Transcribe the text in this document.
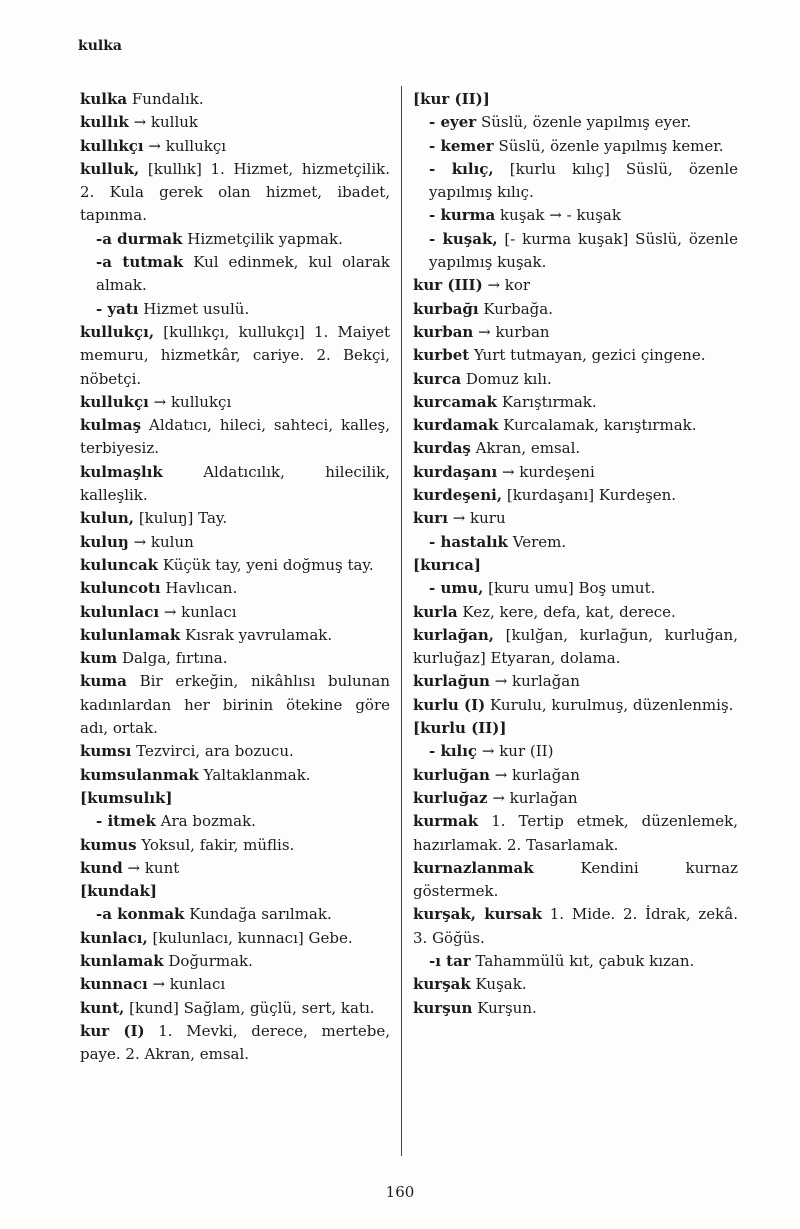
kulka

kulka Fundalık.

kullık → kulluk

kullıkçı → kullukçı

kulluk, [kullık] 1. Hizmet, hizmetçilik. 2. Kula gerek olan hizmet, ibadet, tapınma.

-a durmak Hizmetçilik yapmak.

-a tutmak Kul edinmek, kul olarak almak.

- yatı Hizmet usulü.

kullukçı, [kullıkçı, kullukçı] 1. Maiyet memuru, hizmetkâr, cariye. 2. Bekçi, nöbetçi.

kullukçı → kullukçı

kulmaş Aldatıcı, hileci, sahteci, kalleş, terbiyesiz.

kulmaşlık	Aldatıcılık, hilecilik, kalleşlik.

kulun, [kuluŋ] Tay.

kuluŋ → kulun

kuluncak Küçük tay, yeni doğmuş tay.

kuluncotı Havlıcan.

kulunlacı → kunlacı

kulunlamak Kısrak yavrulamak.

kum Dalga, fırtına.

kuma Bir erkeğin, nikâhlısı bulunan kadınlardan her birinin ötekine göre adı, ortak.

kumsı Tezvirci, ara bozucu.

kumsulanmak Yaltaklanmak.

[kumsulık]

- itmek Ara bozmak.

kumus Yoksul, fakir, müflis.

kund → kunt

[kundak]

-a konmak Kundağa sarılmak.

kunlacı, [kulunlacı, kunnacı] Gebe.

kunlamak Doğurmak.

kunnacı → kunlacı

kunt, [kund] Sağlam, güçlü, sert, katı.

kur (I) 1. Mevki, derece, mertebe, paye. 2. Akran, emsal.

[kur (II)]

- eyer Süslü, özenle yapılmış eyer.

- kemer Süslü, özenle yapılmış kemer.

- kılıç, [kurlu kılıç] Süslü, özenle yapılmış kılıç.

- kurma kuşak → - kuşak

- kuşak, [- kurma kuşak] Süslü, özenle yapılmış kuşak.

kur (III) → kor

kurbağı Kurbağa.

kurban → kurban

kurbet Yurt tutmayan, gezici çingene.

kurca Domuz kılı.

kurcamak Karıştırmak.

kurdamak Kurcalamak, karıştırmak.

kurdaş Akran, emsal.

kurdaşanı → kurdeşeni

kurdeşeni, [kurdaşanı] Kurdeşen.

kurı → kuru

- hastalık Verem.

[kurıca]

- umu, [kuru umu] Boş umut.

kurla Kez, kere, defa, kat, derece.

kurlağan, [kulğan, kurlağun, kurluğan, kurluğaz] Etyaran, dolama.

kurlağun → kurlağan

kurlu (I) Kurulu, kurulmuş, düzenlenmiş.

[kurlu (II)]

- kılıç → kur (II)

kurluğan → kurlağan

kurluğaz → kurlağan

kurmak 1. Tertip etmek, düzenlemek, hazırlamak. 2. Tasarlamak.

kurnazlanmak	Kendini kurnaz göstermek.

kurşak, kursak 1. Mide. 2. İdrak, zekâ. 3. Göğüs.

-ı tar Tahammülü kıt, çabuk kızan.

kurşak Kuşak.

kurşun Kurşun.

160
